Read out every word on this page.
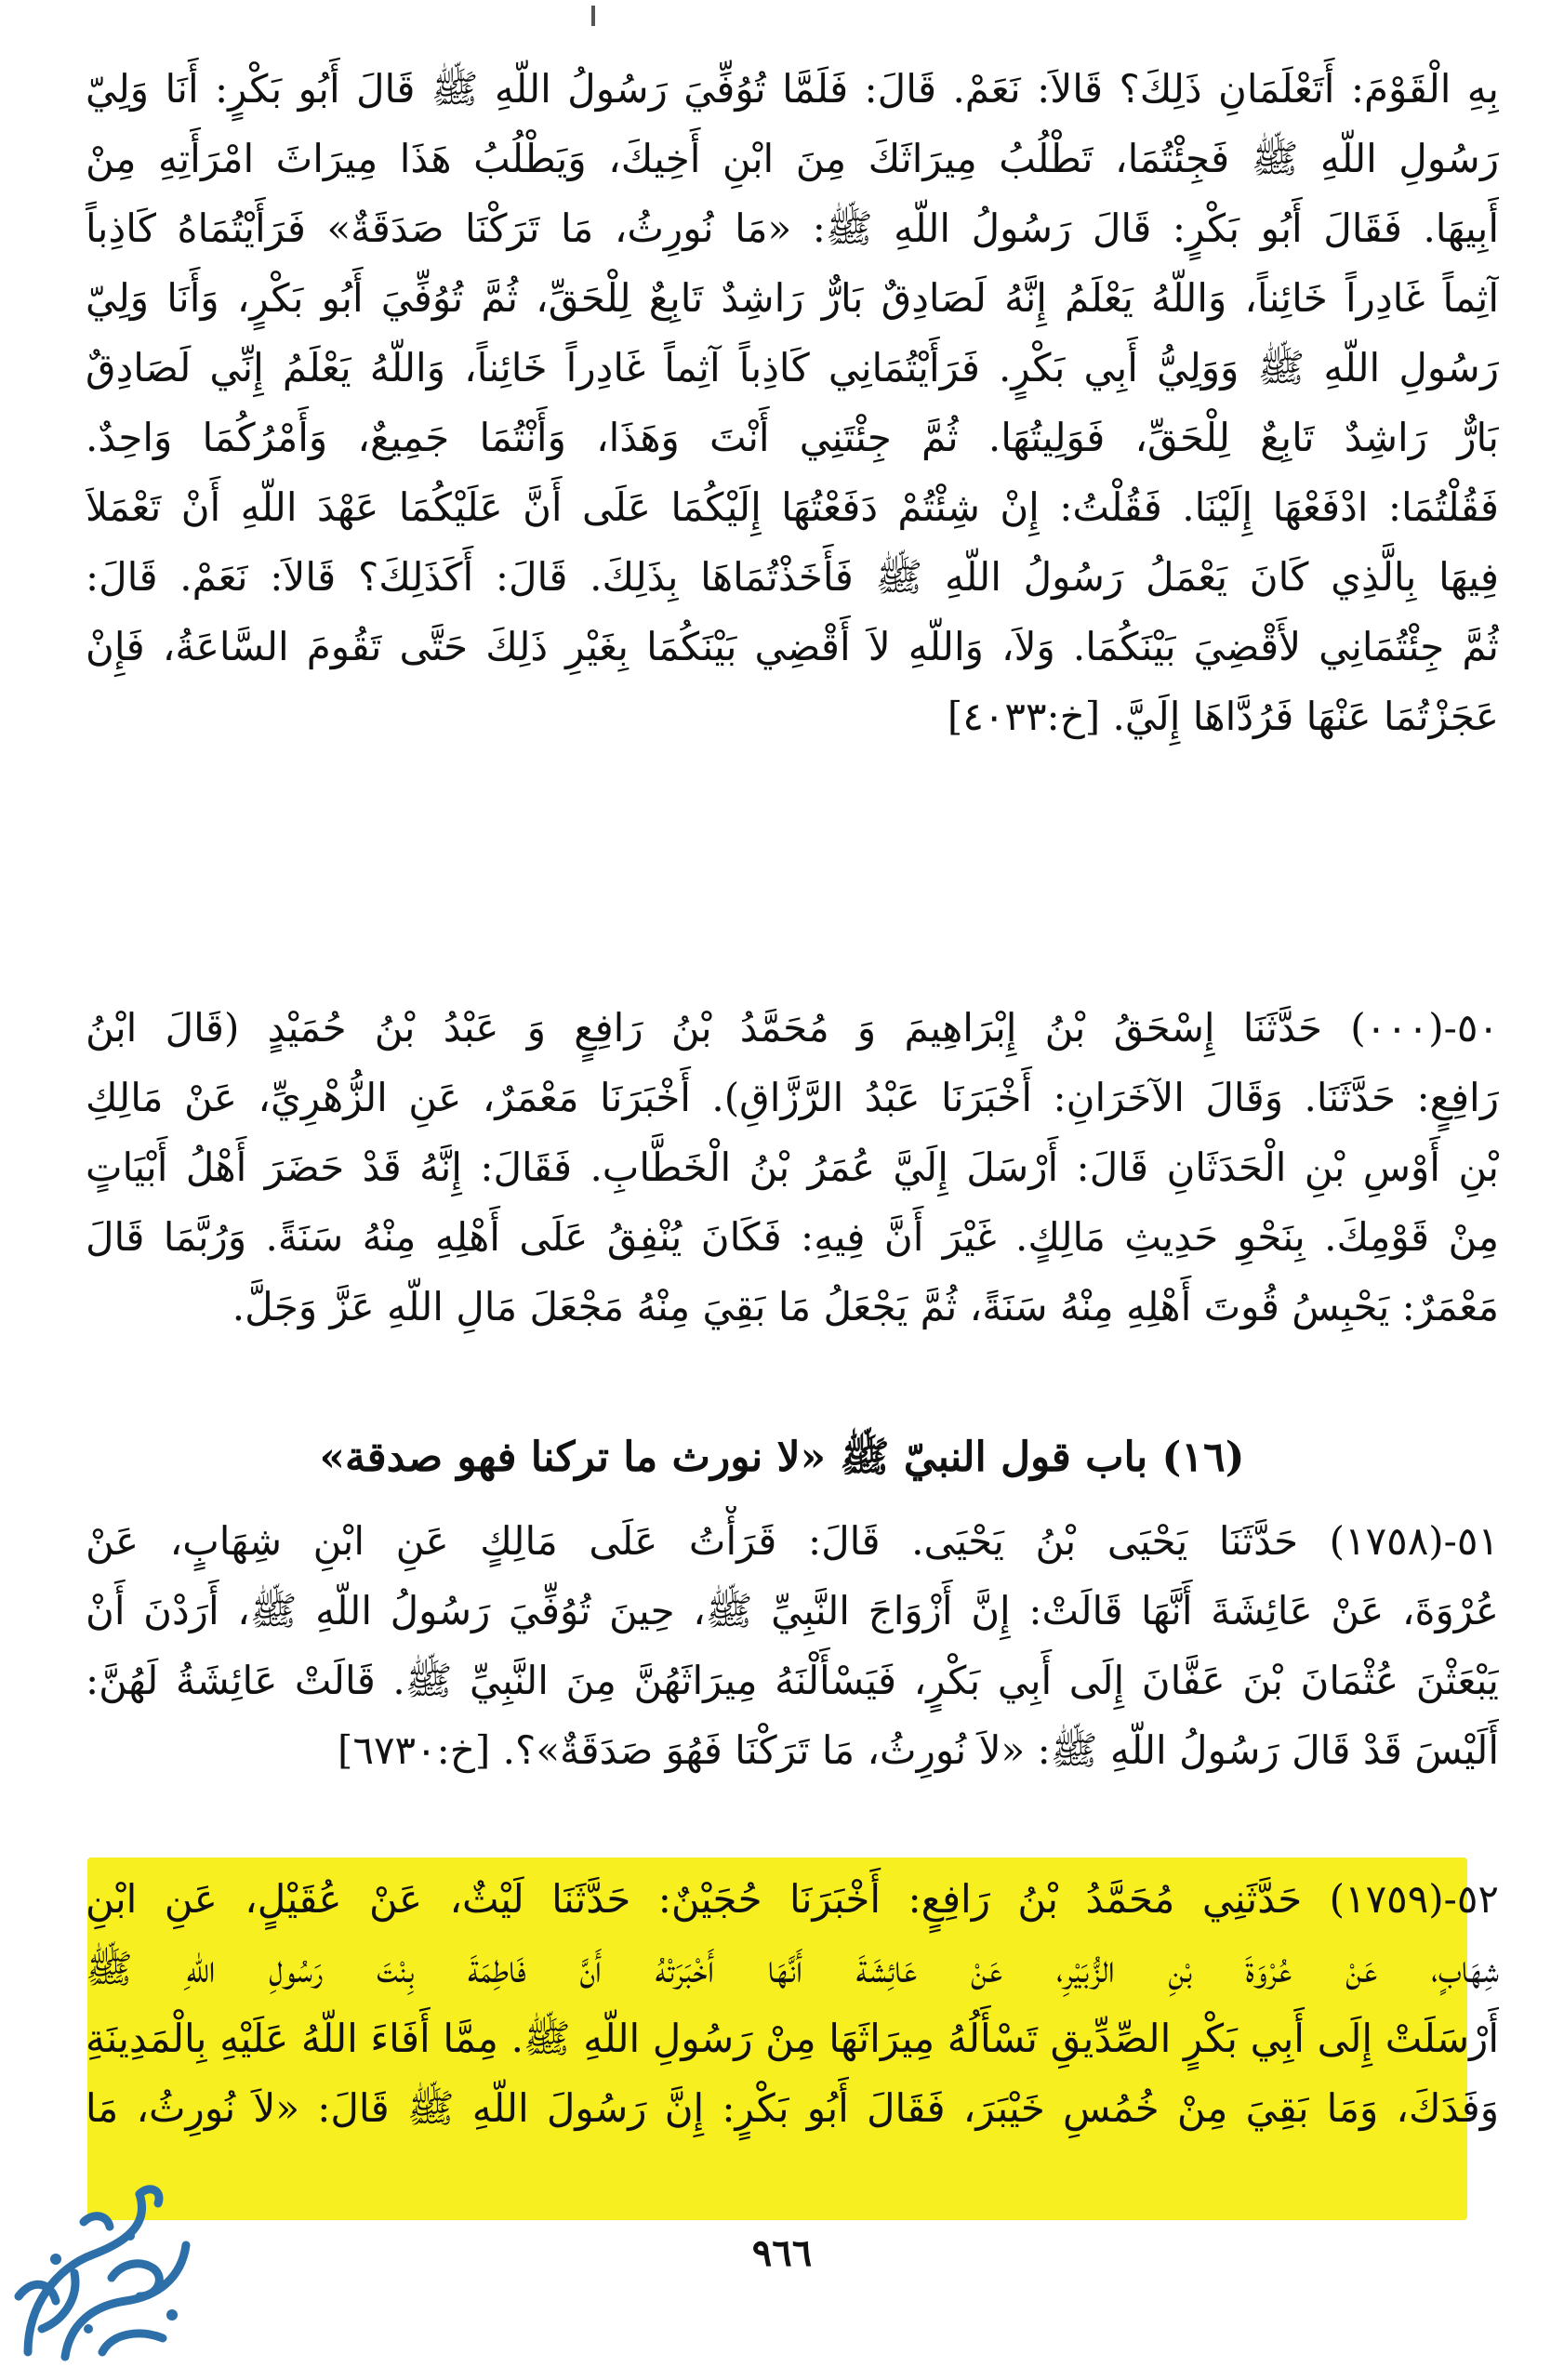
بِهِ الْقَوْمَ: أَتَعْلَمَانِ ذَلِكَ؟ قَالاَ: نَعَمْ. قَالَ: فَلَمَّا تُوُفِّيَ رَسُولُ اللّهِ ﷺ قَالَ أَبُو بَكْرٍ: أَنَا وَلِيّ
رَسُولِ اللّهِ ﷺ فَجِئْتُمَا، تَطْلُبُ مِيرَاثَكَ مِنَ ابْنِ أَخِيكَ، وَيَطْلُبُ هَذَا مِيرَاثَ امْرَأَتِهِ مِنْ
أَبِيهَا. فَقَالَ أَبُو بَكْرٍ: قَالَ رَسُولُ اللّهِ ﷺ: «مَا نُورِثُ، مَا تَرَكْنَا صَدَقَةٌ» فَرَأَيْتُمَاهُ كَاذِباً
آثِماً غَادِراً خَائِناً، وَاللّهُ يَعْلَمُ إِنَّهُ لَصَادِقٌ بَارٌّ رَاشِدٌ تَابِعٌ لِلْحَقِّ، ثُمَّ تُوُفِّيَ أَبُو بَكْرٍ، وَأَنَا وَلِيّ
رَسُولِ اللّهِ ﷺ وَوَلِيُّ أَبِي بَكْرٍ. فَرَأَيْتُمَانِي كَاذِباً آثِماً غَادِراً خَائِناً، وَاللّهُ يَعْلَمُ إِنِّي لَصَادِقٌ
بَارٌّ رَاشِدٌ تَابِعٌ لِلْحَقِّ، فَوَلِيتُهَا. ثُمَّ جِئْتَنِي أَنْتَ وَهَذَا، وَأَنْتُمَا جَمِيعٌ، وَأَمْرُكُمَا وَاحِدٌ.
فَقُلْتُمَا: ادْفَعْهَا إِلَيْنَا. فَقُلْتُ: إِنْ شِئْتُمْ دَفَعْتُهَا إِلَيْكُمَا عَلَى أَنَّ عَلَيْكُمَا عَهْدَ اللّهِ أَنْ تَعْمَلاَ
فِيهَا بِالَّذِي كَانَ يَعْمَلُ رَسُولُ اللّهِ ﷺ فَأَخَذْتُمَاهَا بِذَلِكَ. قَالَ: أَكَذَلِكَ؟ قَالاَ: نَعَمْ. قَالَ:
ثُمَّ جِئْتُمَانِي لأَقْضِيَ بَيْنَكُمَا. وَلاَ، وَاللّهِ لاَ أَقْضِي بَيْنَكُمَا بِغَيْرِ ذَلِكَ حَتَّى تَقُومَ السَّاعَةُ، فَإِنْ
عَجَزْتُمَا عَنْهَا فَرُدَّاهَا إِلَيَّ. [خ:٤٠٣٣]
٥٠-(٠٠٠) حَدَّثَنَا إِسْحَقُ بْنُ إِبْرَاهِيمَ وَ مُحَمَّدُ بْنُ رَافِعٍ وَ عَبْدُ بْنُ حُمَيْدٍ (قَالَ ابْنُ
رَافِعٍ: حَدَّثَنَا. وَقَالَ الآخَرَانِ: أَخْبَرَنَا عَبْدُ الرَّزَّاقِ). أَخْبَرَنَا مَعْمَرٌ، عَنِ الزُّهْرِيِّ، عَنْ مَالِكِ
بْنِ أَوْسِ بْنِ الْحَدَثَانِ قَالَ: أَرْسَلَ إِلَيَّ عُمَرُ بْنُ الْخَطَّابِ. فَقَالَ: إِنَّهُ قَدْ حَضَرَ أَهْلُ أَبْيَاتٍ
مِنْ قَوْمِكَ. بِنَحْوِ حَدِيثِ مَالِكٍ. غَيْرَ أَنَّ فِيهِ: فَكَانَ يُنْفِقُ عَلَى أَهْلِهِ مِنْهُ سَنَةً. وَرُبَّمَا قَالَ
مَعْمَرٌ: يَحْبِسُ قُوتَ أَهْلِهِ مِنْهُ سَنَةً، ثُمَّ يَجْعَلُ مَا بَقِيَ مِنْهُ مَجْعَلَ مَالِ اللّهِ عَزَّ وَجَلَّ.
(١٦) باب قول النبيّ ﷺ «لا نورث ما تركنا فهو صدقة»
٥١-(١٧٥٨) حَدَّثَنَا يَحْيَى بْنُ يَحْيَى. قَالَ: قَرَأْتُ عَلَى مَالِكٍ عَنِ ابْنِ شِهَابٍ، عَنْ
عُرْوَةَ، عَنْ عَائِشَةَ أَنَّهَا قَالَتْ: إِنَّ أَزْوَاجَ النَّبِيِّ ﷺ، حِينَ تُوُفِّيَ رَسُولُ اللّهِ ﷺ، أَرَدْنَ أَنْ
يَبْعَثْنَ عُثْمَانَ بْنَ عَفَّانَ إِلَى أَبِي بَكْرٍ، فَيَسْأَلْنَهُ مِيرَاثَهُنَّ مِنَ النَّبِيِّ ﷺ. قَالَتْ عَائِشَةُ لَهُنَّ:
أَلَيْسَ قَدْ قَالَ رَسُولُ اللّهِ ﷺ: «لاَ نُورِثُ، مَا تَرَكْنَا فَهُوَ صَدَقَةٌ»؟. [خ:٦٧٣٠]
٥٢-(١٧٥٩) حَدَّثَنِي مُحَمَّدُ بْنُ رَافِعٍ: أَخْبَرَنَا حُجَيْنٌ: حَدَّثَنَا لَيْثٌ، عَنْ عُقَيْلٍ، عَنِ ابْنِ
شِهَابٍ، عَنْ عُرْوَةَ بْنِ الزُّبَيْرِ، عَنْ عَائِشَةَ أَنَّهَا أَخْبَرَتْهُ أَنَّ فَاطِمَةَ بِنْتَ رَسُولِ اللّهِ ﷺ
أَرْسَلَتْ إِلَى أَبِي بَكْرٍ الصِّدِّيقِ تَسْأَلُهُ مِيرَاثَهَا مِنْ رَسُولِ اللّهِ ﷺ. مِمَّا أَفَاءَ اللّهُ عَلَيْهِ بِالْمَدِينَةِ
وَفَدَكَ، وَمَا بَقِيَ مِنْ خُمُسِ خَيْبَرَ، فَقَالَ أَبُو بَكْرٍ: إِنَّ رَسُولَ اللّهِ ﷺ قَالَ: «لاَ نُورِثُ، مَا
٩٦٦
